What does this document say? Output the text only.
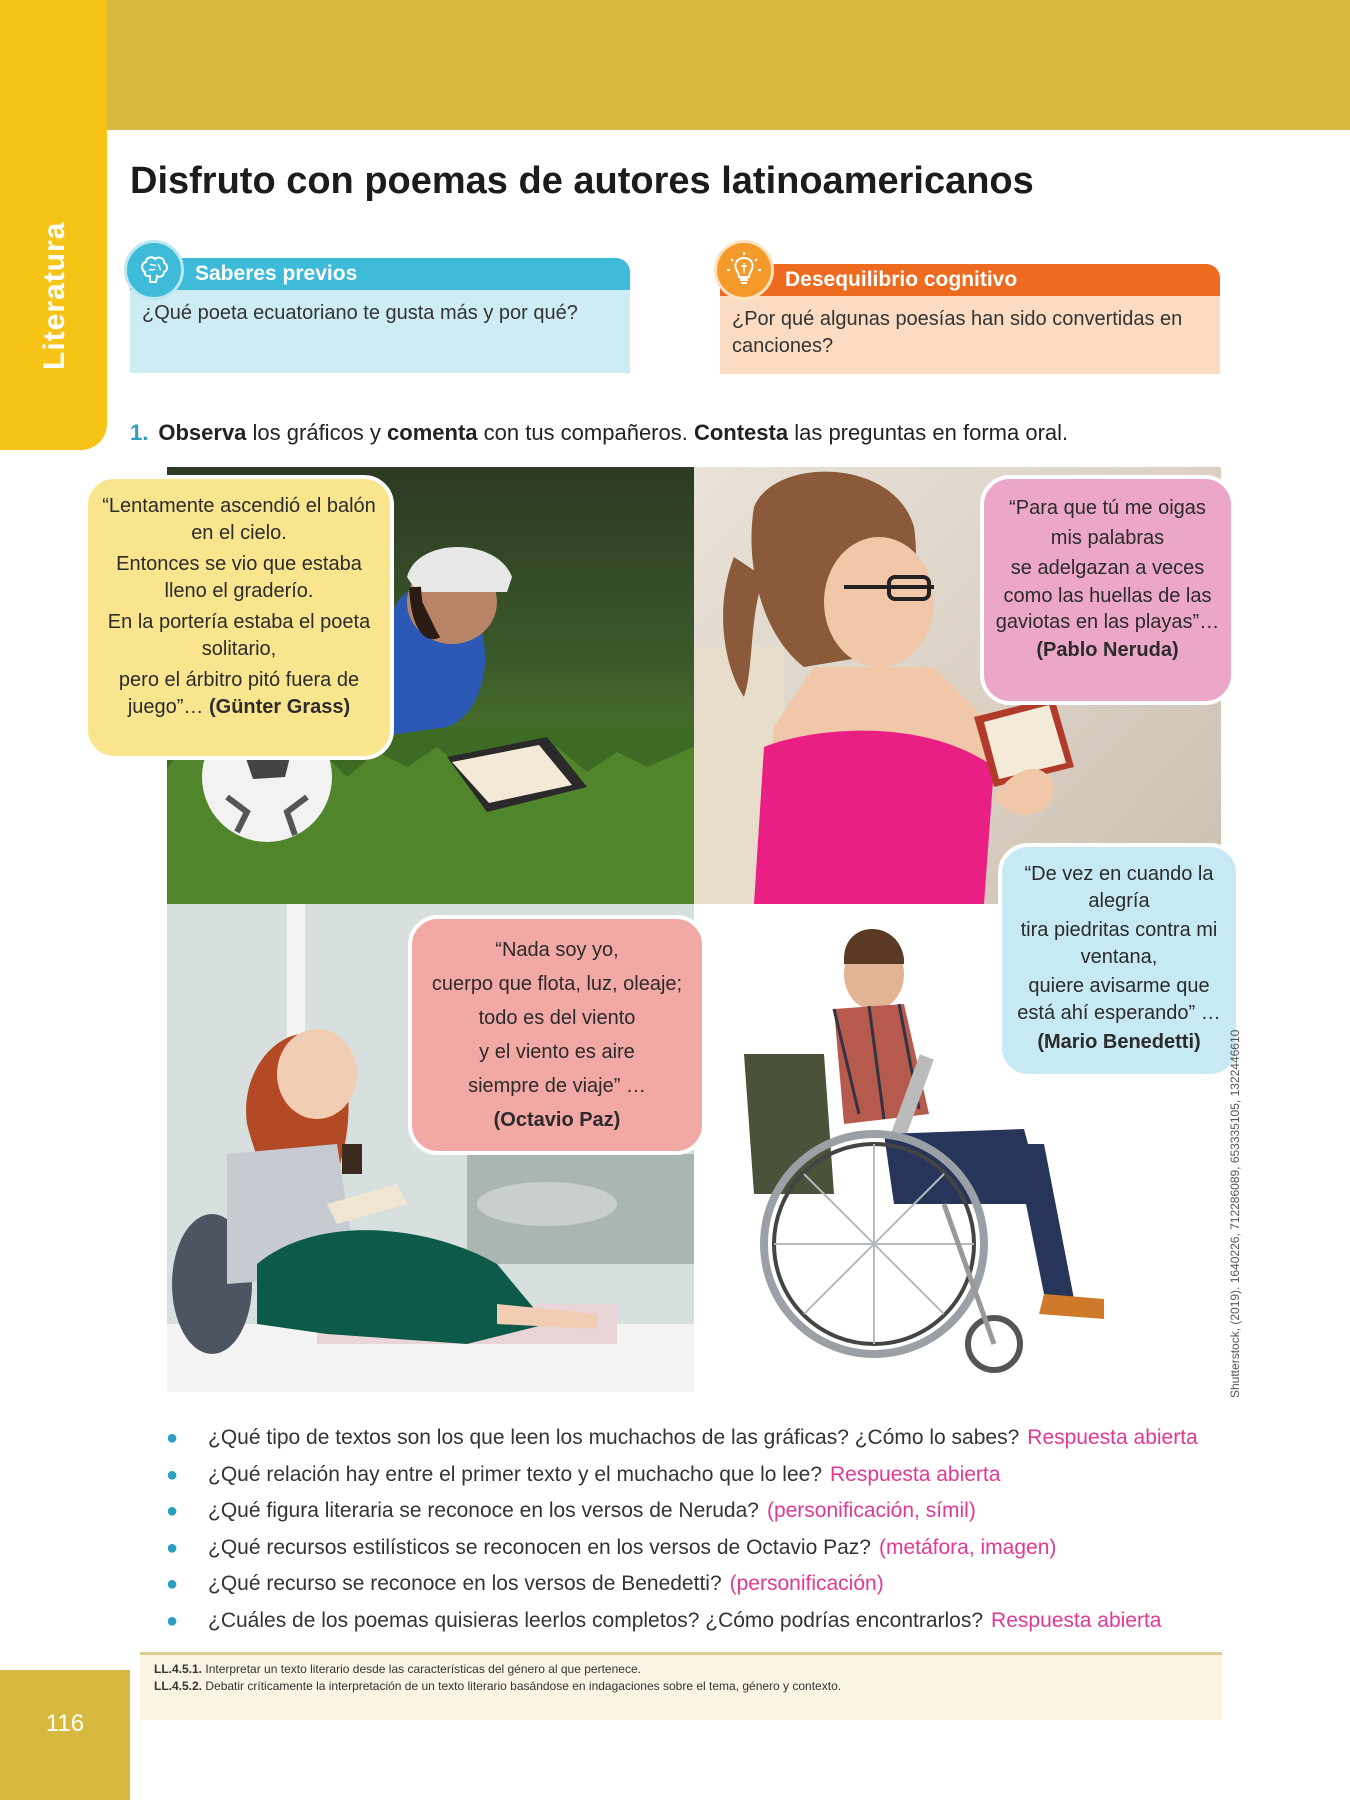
Literatura
Disfruto con poemas de autores latinoamericanos
Saberes previos
¿Qué poeta ecuatoriano te gusta más y por qué?
Desequilibrio cognitivo
¿Por qué algunas poesías han sido convertidas en canciones?
1. Observa los gráficos y comenta con tus compañeros. Contesta las preguntas en forma oral.

“Lentamente ascendió el balón en el cielo.

Entonces se vio que estaba lleno el graderío.

En la portería estaba el poeta solitario,

pero el árbitro pitó fuera de juego”… (Günter Grass)

“Para que tú me oigas

mis palabras

se adelgazan a veces

como las huellas de las gaviotas en las playas”…

(Pablo Neruda)

“Nada soy yo,

cuerpo que flota, luz, oleaje;

todo es del viento

y el viento es aire

siempre de viaje” …

(Octavio Paz)

“De vez en cuando la alegría

tira piedritas contra mi ventana,

quiere avisarme que está ahí esperando” …

(Mario Benedetti)	Shutterstock, (2019). 1640226, 712286089, 653335105, 1322446610
● ¿Qué tipo de textos son los que leen los muchachos de las gráficas? ¿Cómo lo sabes? Respuesta abierta
● ¿Qué relación hay entre el primer texto y el muchacho que lo lee? Respuesta abierta
● ¿Qué figura literaria se reconoce en los versos de Neruda? (personificación, símil)
● ¿Qué recursos estilísticos se reconocen en los versos de Octavio Paz? (metáfora, imagen)
● ¿Qué recurso se reconoce en los versos de Benedetti? (personificación)
● ¿Cuáles de los poemas quisieras leerlos completos? ¿Cómo podrías encontrarlos? Respuesta abierta
LL.4.5.1. Interpretar un texto literario desde las características del género al que pertenece.
LL.4.5.2. Debatir críticamente la interpretación de un texto literario basándose en indagaciones sobre el tema, género y contexto.
116
